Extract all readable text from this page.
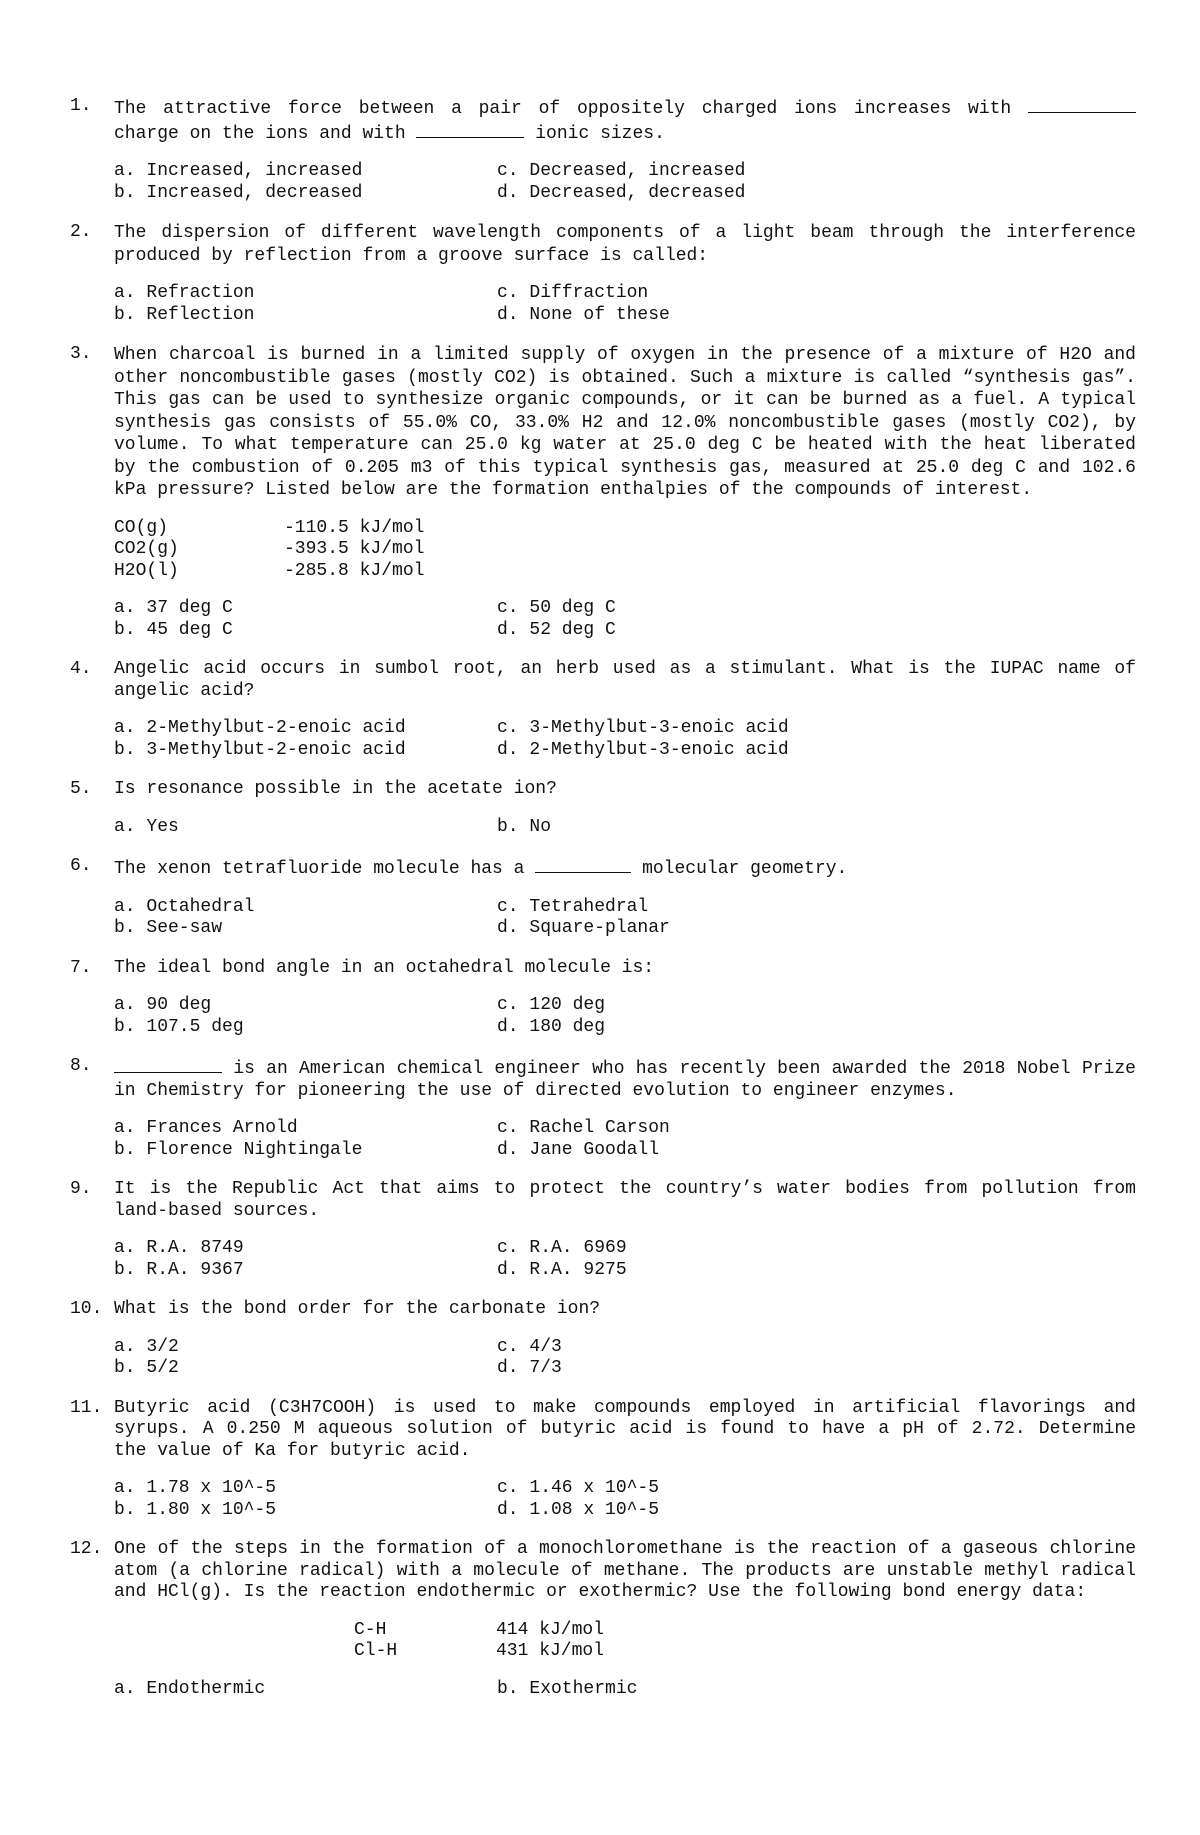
1.	The attractive force between a pair of oppositely charged ions increases with  charge on the ions and with	ionic sizes.
a. Increased, increased	c. Decreased, increased
b. Increased, decreased	d. Decreased, decreased
2.	The dispersion of different wavelength components of a light beam through the interference produced by reflection from a groove surface is called:
a. Refraction	c. Diffraction
b. Reflection	d. None of these
3.	When charcoal is burned in a limited supply of oxygen in the presence of a mixture of H2O and other noncombustible gases (mostly CO2) is obtained. Such a mixture is called “synthesis gas”. This gas can be used to synthesize organic compounds, or it can be burned as a fuel. A typical synthesis gas consists of 55.0% CO, 33.0% H2 and 12.0% noncombustible gases (mostly CO2), by volume. To what temperature can 25.0 kg water at 25.0 deg C be heated with the heat liberated by the combustion of 0.205 m3 of this typical synthesis gas, measured at 25.0 deg C and 102.6 kPa pressure? Listed below are the formation enthalpies of the compounds of interest.
CO(g)	-110.5 kJ/mol
CO2(g)	-393.5 kJ/mol
H2O(l)	-285.8 kJ/mol
a. 37 deg C	c. 50 deg C
b. 45 deg C	d. 52 deg C
4.	Angelic acid occurs in sumbol root, an herb used as a stimulant. What is the IUPAC name of angelic acid?
a. 2-Methylbut-2-enoic acid	c. 3-Methylbut-3-enoic acid
b. 3-Methylbut-2-enoic acid	d. 2-Methylbut-3-enoic acid
5.	Is resonance possible in the acetate ion?
a. Yes	b. No
6.	The xenon tetrafluoride molecule has a	molecular geometry.
a. Octahedral	c. Tetrahedral
b. See-saw	d. Square-planar
7.	The ideal bond angle in an octahedral molecule is:
a. 90 deg	c. 120 deg
b. 107.5 deg	d. 180 deg
8.	is an American chemical engineer who has recently been awarded the 2018 Nobel Prize in Chemistry for pioneering the use of directed evolution to engineer enzymes.
a. Frances Arnold	c. Rachel Carson
b. Florence Nightingale	d. Jane Goodall
9.	It is the Republic Act that aims to protect the country’s water bodies from pollution from land-based sources.
a. R.A. 8749	c. R.A. 6969
b. R.A. 9367	d. R.A. 9275
10. What is the bond order for the carbonate ion?
a. 3/2	c. 4/3
b. 5/2	d. 7/3
11. Butyric acid (C3H7COOH) is used to make compounds employed in artificial flavorings and syrups. A 0.250 M aqueous solution of butyric acid is found to have a pH of 2.72. Determine the value of Ka for butyric acid.
a. 1.78 x 10^-5	c. 1.46 x 10^-5
b. 1.80 x 10^-5	d. 1.08 x 10^-5
12. One of the steps in the formation of a monochloromethane is the reaction of a gaseous chlorine atom (a chlorine radical) with a molecule of methane. The products are unstable methyl radical and HCl(g). Is the reaction endothermic or exothermic? Use the following bond energy data:
C-H	414 kJ/mol
Cl-H	431 kJ/mol
a. Endothermic	b. Exothermic
